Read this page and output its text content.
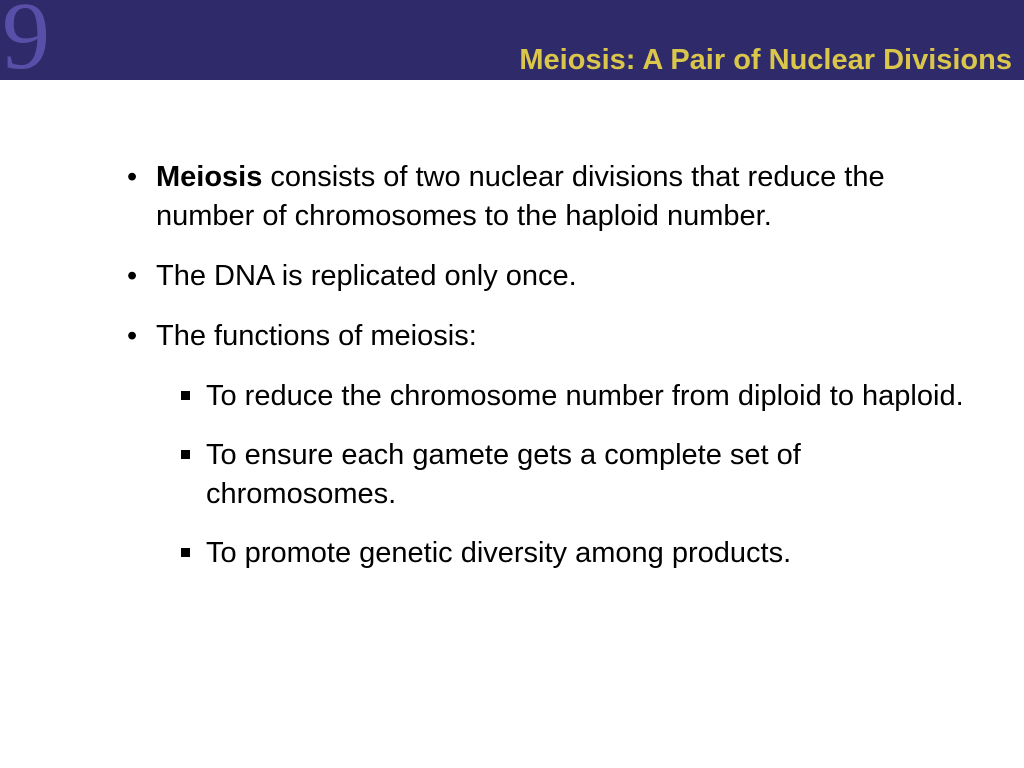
9	Meiosis: A Pair of Nuclear Divisions
• Meiosis consists of two nuclear divisions that reduce the number of chromosomes to the haploid number.
• The DNA is replicated only once.
• The functions of meiosis:
To reduce the chromosome number from diploid to haploid.
To ensure each gamete gets a complete set of chromosomes.
To promote genetic diversity among products.
